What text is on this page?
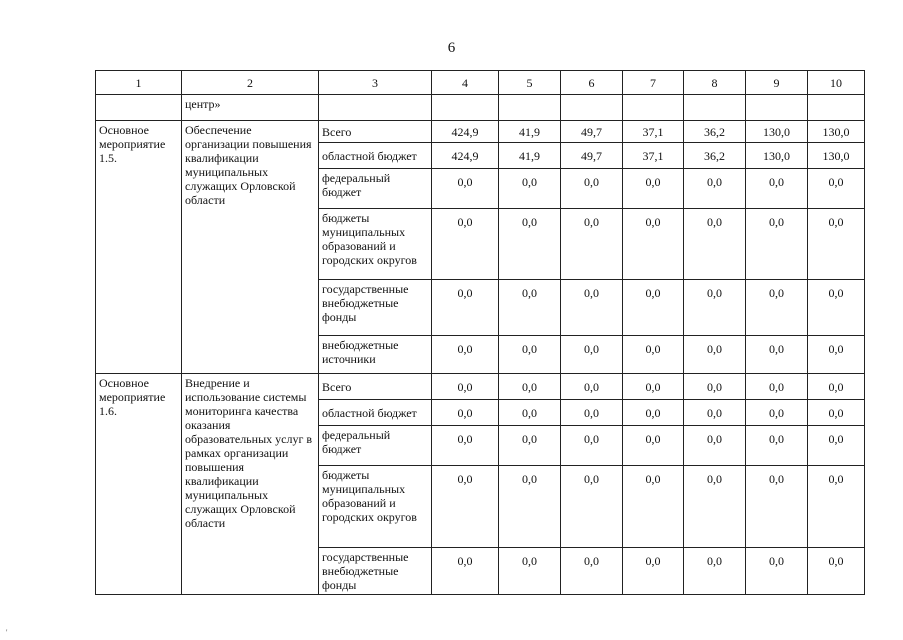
6
1	2	3	4	5	6	7	8	9	10
	центр»								
Основное мероприятие 1.5.	Обеспечение организации повышения квалификации муниципальных служащих Орловской области	Всего	424,9	41,9	49,7	37,1	36,2	130,0	130,0
		областной бюджет	424,9	41,9	49,7	37,1	36,2	130,0	130,0
		федеральный бюджет	0,0	0,0	0,0	0,0	0,0	0,0	0,0
		бюджеты муниципальных образований и городских округов	0,0	0,0	0,0	0,0	0,0	0,0	0,0
		государственные внебюджетные фонды	0,0	0,0	0,0	0,0	0,0	0,0	0,0
		внебюджетные источники	0,0	0,0	0,0	0,0	0,0	0,0	0,0
Основное мероприятие 1.6.	Внедрение и использование системы мониторинга качества оказания образовательных услуг в рамках организации повышения квалификации муниципальных служащих Орловской области	Всего	0,0	0,0	0,0	0,0	0,0	0,0	0,0
		областной бюджет	0,0	0,0	0,0	0,0	0,0	0,0	0,0
		федеральный бюджет	0,0	0,0	0,0	0,0	0,0	0,0	0,0
		бюджеты муниципальных образований и городских округов	0,0	0,0	0,0	0,0	0,0	0,0	0,0
		государственные внебюджетные фонды	0,0	0,0	0,0	0,0	0,0	0,0	0,0
'
